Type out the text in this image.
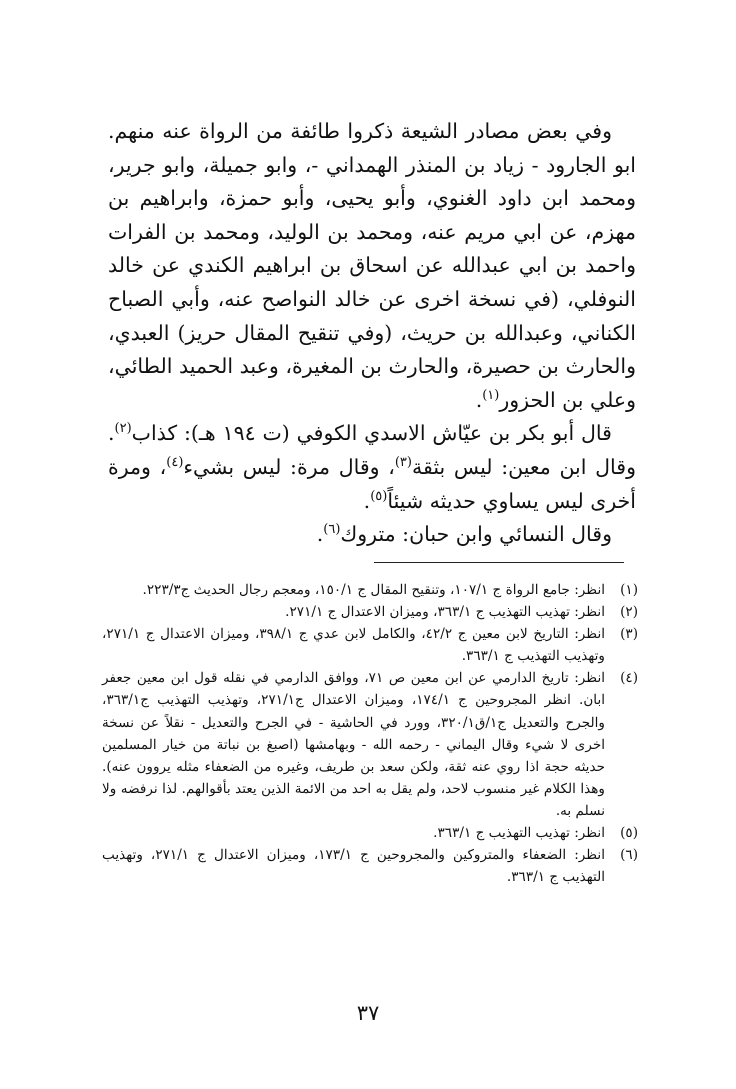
وفي بعض مصادر الشيعة ذكروا طائفة من الرواة عنه منهم. ابو الجارود - زياد بن المنذر الهمداني -، وابو جميلة، وابو جرير، ومحمد ابن داود الغنوي، وأبو يحيى، وأبو حمزة، وابراهيم بن مهزم، عن ابي مريم عنه، ومحمد بن الوليد، ومحمد بن الفرات واحمد بن ابي عبدالله عن اسحاق بن ابراهيم الكندي عن خالد النوفلي، (في نسخة اخرى عن خالد النواصح عنه، وأبي الصباح الكناني، وعبدالله بن حريث، (وفي تنقيح المقال حريز) العبدي، والحارث بن حصيرة، والحارث بن المغيرة، وعبد الحميد الطائي، وعلي بن الحزور$^{(١)}$.

قال أبو بكر بن عيّاش الاسدي الكوفي (ت ١٩٤ هـ): كذاب$^{(٢)}$. وقال ابن معين: ليس بثقة$^{(٣)}$، وقال مرة: ليس بشيء$^{(٤)}$، ومرة أخرى ليس يساوي حديثه شيئاً$^{(٥)}$.

وقال النسائي وابن حبان: متروك$^{(٦)}$.

(١)
انظر: جامع الرواة ج ١٠٧/١، وتنقيح المقال ج ١٥٠/١، ومعجم رجال الحديث ج٢٢٣/٣.
(٢)
انظر: تهذيب التهذيب ج ٣٦٣/١، وميزان الاعتدال ج ٢٧١/١.
(٣)
انظر: التاريخ لابن معين ج ٤٢/٢، والكامل لابن عدي ج ٣٩٨/١، وميزان الاعتدال ج ٢٧١/١، وتهذيب التهذيب ج ٣٦٣/١.
(٤)
انظر: تاريخ الدارمي عن ابن معين ص ٧١، ووافق الدارمي في نقله قول ابن معين جعفر ابان. انظر المجروحين ج ١٧٤/١، وميزان الاعتدال ج٢٧١/١، وتهذيب التهذيب ج٣٦٣/١، والجرح والتعديل ج١/ق٣٢٠/١، وورد في الحاشية - في الجرح والتعديل - نقلاً عن نسخة اخرى لا شيء وقال اليماني - رحمه الله - وبهامشها (اصبغ بن نباتة من خيار المسلمين حديثه حجة اذا روي عنه ثقة، ولكن سعد بن طريف، وغيره من الضعفاء مثله يروون عنه). وهذا الكلام غير منسوب لاحد، ولم يقل به احد من الائمة الذين يعتد بأقوالهم. لذا نرفضه ولا نسلم به.
(٥)
انظر: تهذيب التهذيب ج ٣٦٣/١.
(٦)
انظر: الضعفاء والمتروكين والمجروحين ج ١٧٣/١، وميزان الاعتدال ج ٢٧١/١، وتهذيب التهذيب ج ٣٦٣/١.
٣٧
